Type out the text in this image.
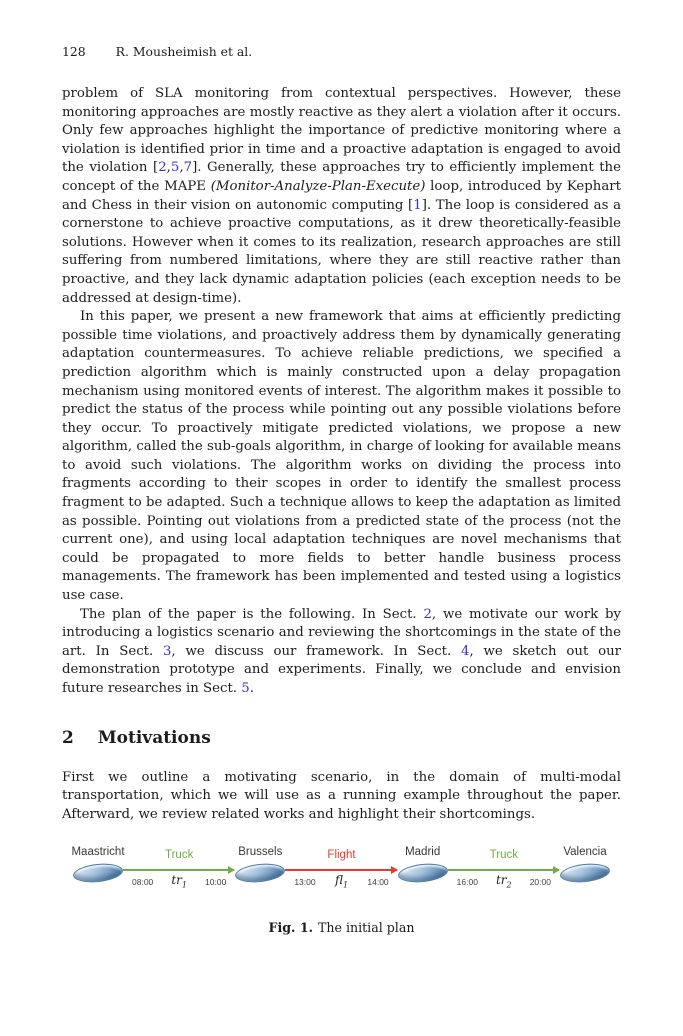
128 R. Mousheimish et al.

problem of SLA monitoring from contextual perspectives. However, these monitoring approaches are mostly reactive as they alert a violation after it occurs. Only few approaches highlight the importance of predictive monitoring where a violation is identified prior in time and a proactive adaptation is engaged to avoid the violation [2,5,7]. Generally, these approaches try to efficiently implement the concept of the MAPE (Monitor-Analyze-Plan-Execute) loop, introduced by Kephart and Chess in their vision on autonomic computing [1]. The loop is considered as a cornerstone to achieve proactive computations, as it drew theoretically-feasible solutions. However when it comes to its realization, research approaches are still suffering from numbered limitations, where they are still reactive rather than proactive, and they lack dynamic adaptation policies (each exception needs to be addressed at design-time).

In this paper, we present a new framework that aims at efficiently predicting possible time violations, and proactively address them by dynamically generating adaptation countermeasures. To achieve reliable predictions, we specified a prediction algorithm which is mainly constructed upon a delay propagation mechanism using monitored events of interest. The algorithm makes it possible to predict the status of the process while pointing out any possible violations before they occur. To proactively mitigate predicted violations, we propose a new algorithm, called the sub-goals algorithm, in charge of looking for available means to avoid such violations. The algorithm works on dividing the process into fragments according to their scopes in order to identify the smallest process fragment to be adapted. Such a technique allows to keep the adaptation as limited as possible. Pointing out violations from a predicted state of the process (not the current one), and using local adaptation techniques are novel mechanisms that could be propagated to more fields to better handle business process managements. The framework has been implemented and tested using a logistics use case.

The plan of the paper is the following. In Sect. 2, we motivate our work by introducing a logistics scenario and reviewing the shortcomings in the state of the art. In Sect. 3, we discuss our framework. In Sect. 4, we sketch out our demonstration prototype and experiments. Finally, we conclude and envision future researches in Sect. 5.

2 Motivations

First we outline a motivating scenario, in the domain of multi-modal transportation, which we will use as a running example throughout the paper. Afterward, we review related works and highlight their shortcomings.

Maastricht	Truck
$tr_1$
08:00	10:00
Brussels	Flight
$fl_1$
13:00	14:00
Madrid	Truck
$tr_2$
16:00	20:00
Valencia
Fig. 1. The initial plan
